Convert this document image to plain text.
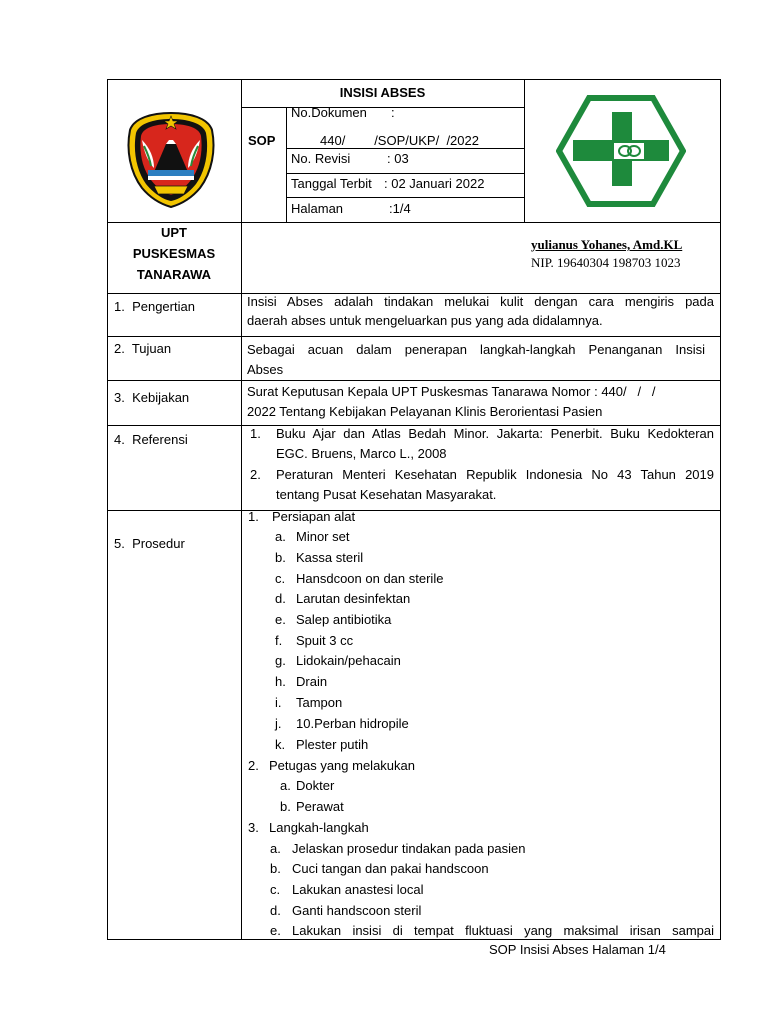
INSISI ABSES
SOP
No.Dokumen :
440/        /SOP/UKP/  /2022
No. Revisi	: 03
Tanggal Terbit : 02 Januari 2022
Halaman	:1/4
UPT
PUSKESMAS
TANARAWA
yulianus Yohanes, Amd.KL
NIP. 19640304 198703 1023
1.  Pengertian	Insisi Abses adalah tindakan melukai kulit dengan cara mengiris pada
daerah abses untuk mengeluarkan pus yang ada didalamnya.
2.  Tujuan	Sebagai acuan dalam penerapan langkah-langkah Penanganan Insisi
Abses
3.  Kebijakan	Surat Keputusan Kepala UPT Puskesmas Tanarawa Nomor : 440/   /   /
2022 Tentang Kebijakan Pelayanan Klinis Berorientasi Pasien
4.  Referensi	1. Buku Ajar dan Atlas Bedah Minor. Jakarta: Penerbit. Buku Kedokteran
EGC. Bruens, Marco L., 2008
2. Peraturan Menteri Kesehatan Republik Indonesia No 43 Tahun 2019
tentang Pusat Kesehatan Masyarakat.
5.  Prosedur
1. Persiapan alat
a. Minor set
b. Kassa steril
c. Hansdcoon on dan sterile
d. Larutan desinfektan
e. Salep antibiotika
f. Spuit 3 cc
g. Lidokain/pehacain
h. Drain
i. Tampon
j. 10.Perban hidropile
k. Plester putih
2. Petugas yang melakukan
a. Dokter
b. Perawat
3. Langkah-langkah
a. Jelaskan prosedur tindakan pada pasien
b. Cuci tangan dan pakai handscoon
c. Lakukan anastesi local
d. Ganti handscoon steril
e. Lakukan insisi di tempat fluktuasi yang maksimal irisan sampai
SOP Insisi Abses Halaman 1/4
